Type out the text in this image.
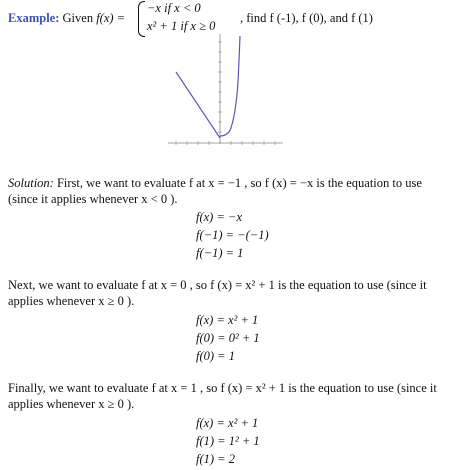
Example: Given f(x) =
−x if x < 0
x² + 1 if x ≥ 0
, find f (-1), f (0), and f (1)
Solution: First, we want to evaluate f at x = −1 , so f (x) = −x is the equation to use
(since it applies whenever x < 0 ).
f(x) = −x
f(−1) = −(−1)
f(−1) = 1
Next, we want to evaluate f at x = 0 , so f (x) = x² + 1 is the equation to use (since it
applies whenever x ≥ 0 ).
f(x) = x² + 1
f(0) = 0² + 1
f(0) = 1
Finally, we want to evaluate f at x = 1 , so f (x) = x² + 1 is the equation to use (since it
applies whenever x ≥ 0 ).
f(x) = x² + 1
f(1) = 1² + 1
f(1) = 2
